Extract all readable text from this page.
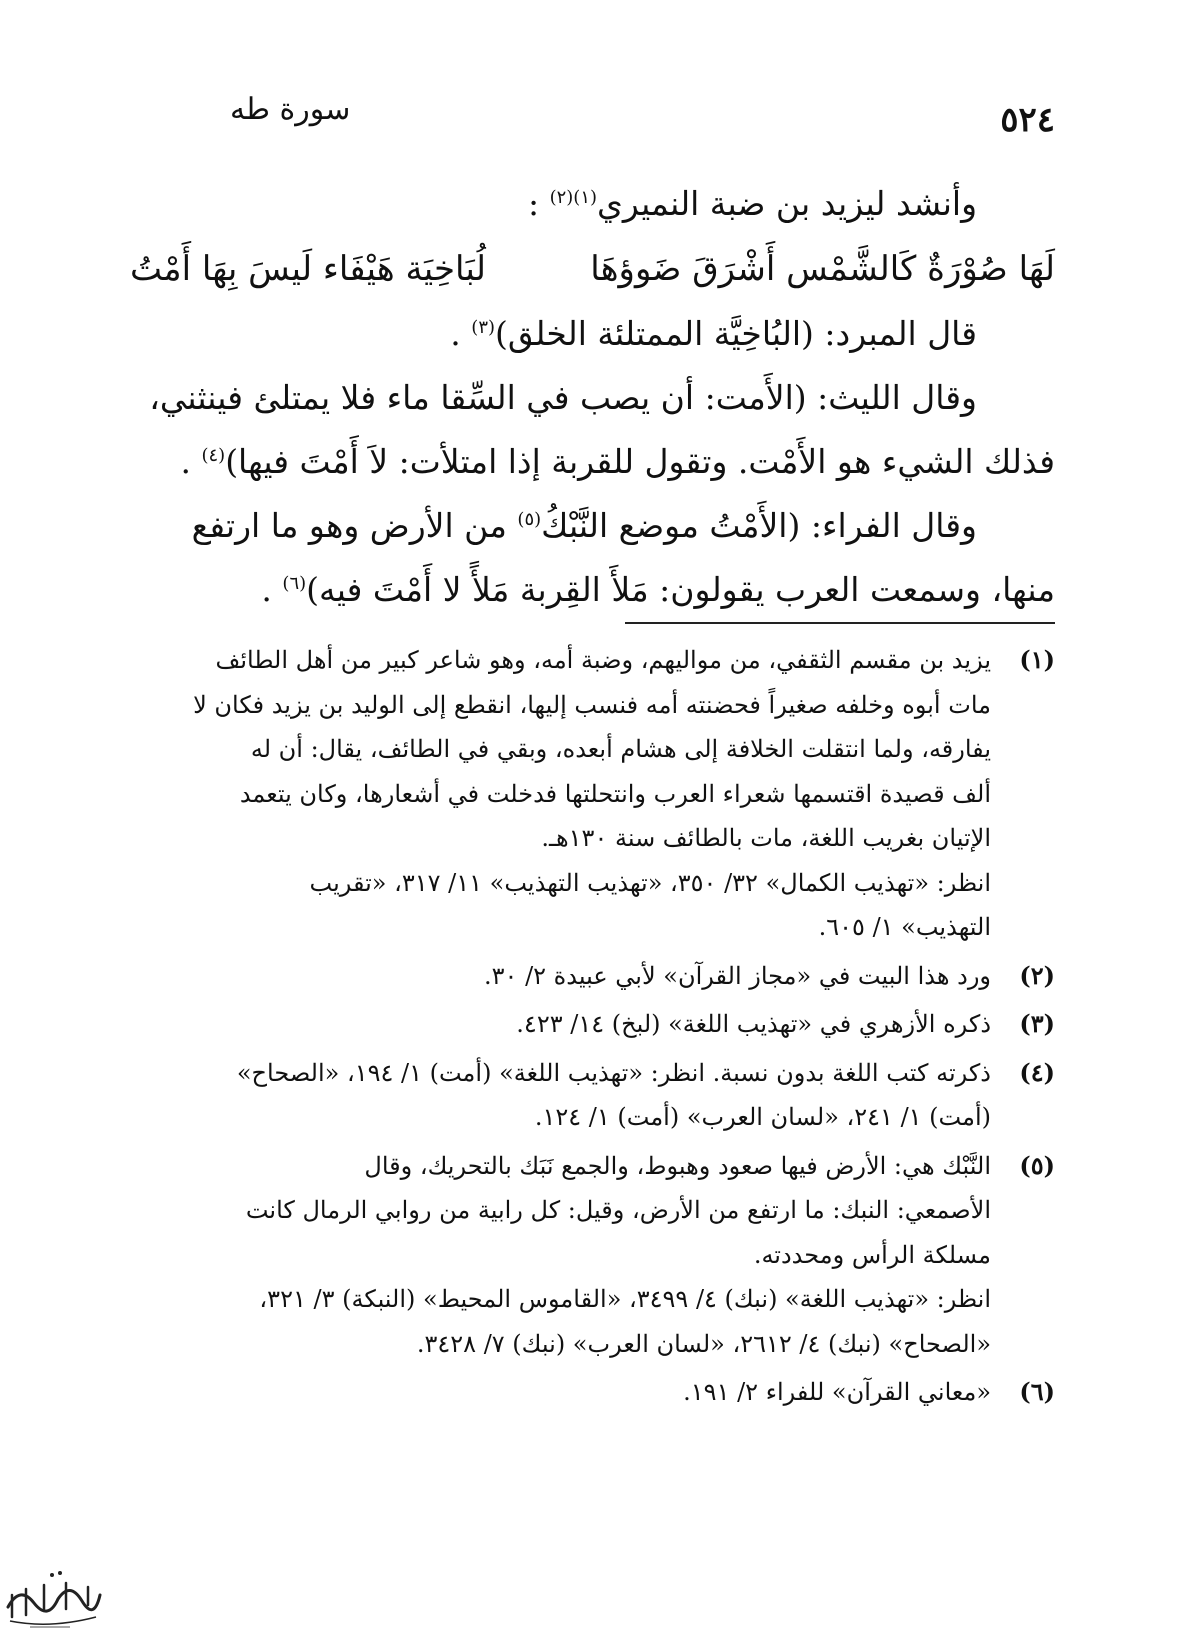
٥٢٤
سورة طه

وأنشد ليزيد بن ضبة النميري$^{(١)(٢)}$ :

لَهَا صُوْرَةٌ كَالشَّمْس أَشْرَقَ ضَوؤهَا
لُبَاخِيَة هَيْفَاء لَيسَ بِهَا أَمْتُ

قال المبرد: (البُاخِيَّة الممتلئة الخلق)$^{(٣)}$ .

وقال الليث: (الأَمت: أن يصب في السِّقا ماء فلا يمتلئ فينثني،

فذلك الشيء هو الأَمْت. وتقول للقربة إذا امتلأت: لاَ أَمْتَ فيها)$^{(٤)}$ .

وقال الفراء: (الأَمْتُ موضع النَّبْكُ$^{(٥)}$ من الأرض وهو ما ارتفع

منها، وسمعت العرب يقولون: مَلأَ القِربة مَلأً لا أَمْتَ فيه)$^{(٦)}$ .

(١)
يزيد بن مقسم الثقفي، من مواليهم، وضبة أمه، وهو شاعر كبير من أهل الطائف
مات أبوه وخلفه صغيراً فحضنته أمه فنسب إليها، انقطع إلى الوليد بن يزيد فكان لا
يفارقه، ولما انتقلت الخلافة إلى هشام أبعده، وبقي في الطائف، يقال: أن له
ألف قصيدة اقتسمها شعراء العرب وانتحلتها فدخلت في أشعارها، وكان يتعمد
الإتيان بغريب اللغة، مات بالطائف سنة ١٣٠هـ.
انظر: «تهذيب الكمال» ٣٢/ ٣٥٠، «تهذيب التهذيب» ١١/ ٣١٧، «تقريب
التهذيب» ١/ ٦٠٥.
(٢)
ورد هذا البيت في «مجاز القرآن» لأبي عبيدة ٢/ ٣٠.
(٣)
ذكره الأزهري في «تهذيب اللغة» (لبخ) ١٤/ ٤٢٣.
(٤)
ذكرته كتب اللغة بدون نسبة. انظر: «تهذيب اللغة» (أمت) ١/ ١٩٤، «الصحاح»
(أمت) ١/ ٢٤١، «لسان العرب» (أمت) ١/ ١٢٤.
(٥)
النَّبْك هي: الأرض فيها صعود وهبوط، والجمع نَبَك بالتحريك، وقال
الأصمعي: النبك: ما ارتفع من الأرض، وقيل: كل رابية من روابي الرمال كانت
مسلكة الرأس ومحددته.
انظر: «تهذيب اللغة» (نبك) ٤/ ٣٤٩٩، «القاموس المحيط» (النبكة) ٣/ ٣٢١،
«الصحاح» (نبك) ٤/ ٢٦١٢، «لسان العرب» (نبك) ٧/ ٣٤٢٨.
(٦)
«معاني القرآن» للفراء ٢/ ١٩١.
